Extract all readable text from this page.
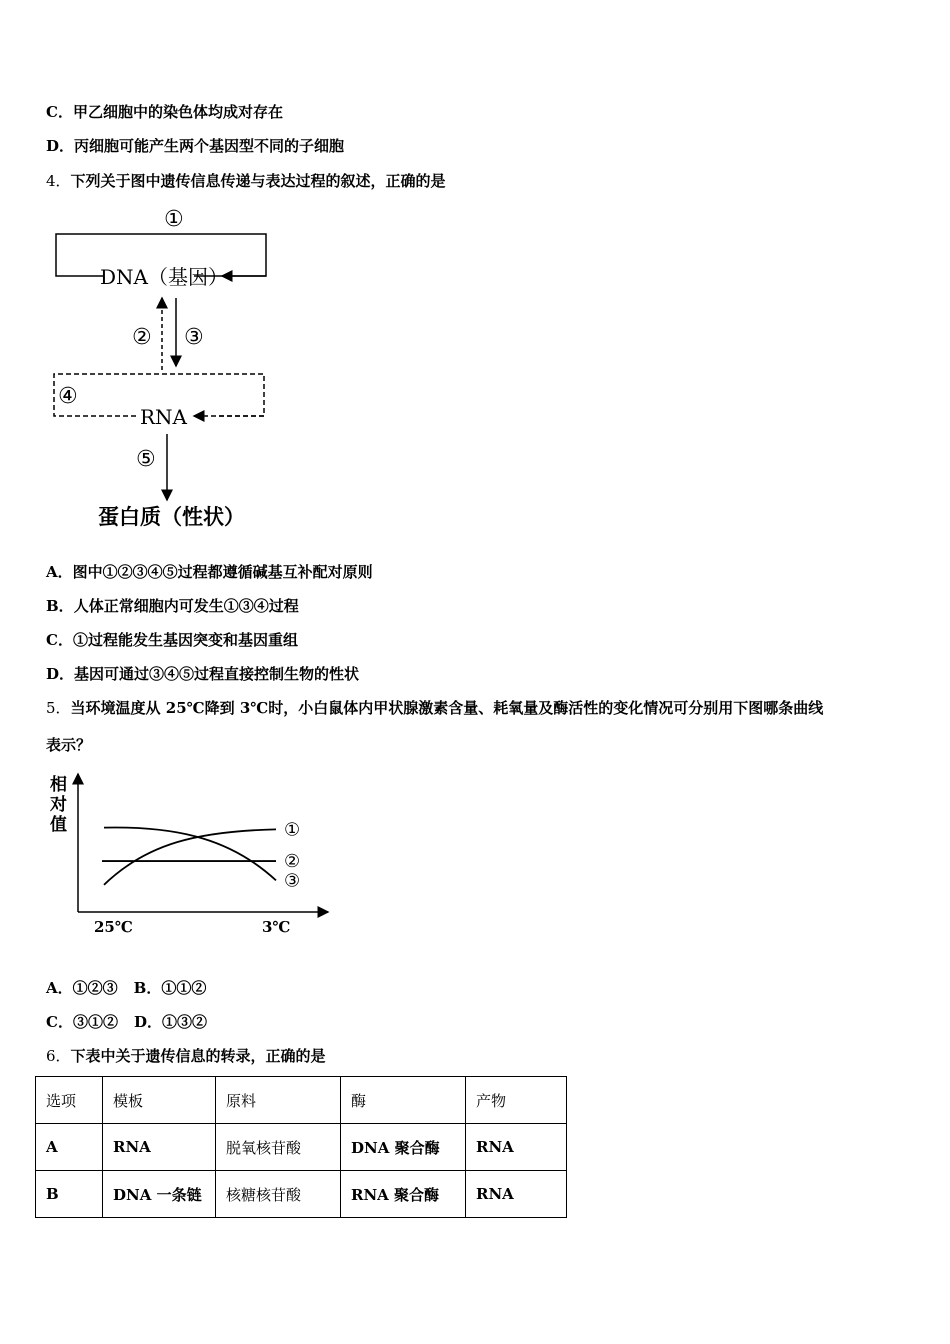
C．甲乙细胞中的染色体均成对存在
D．丙细胞可能产生两个基因型不同的子细胞
4．下列关于图中遗传信息传递与表达过程的叙述，正确的是
①
DNA（基因）
② ③
④
RNA
⑤
蛋白质（性状）
A．图中①②③④⑤过程都遵循碱基互补配对原则
B．人体正常细胞内可发生①③④过程
C．①过程能发生基因突变和基因重组
D．基因可通过③④⑤过程直接控制生物的性状
5．当环境温度从 25℃降到 3℃时，小白鼠体内甲状腺激素含量、耗氧量及酶活性的变化情况可分别用下图哪条曲线
表示？
相
对
值	①
②
③
25℃	3℃
A．①②③ B．①①②
C．③①② D．①③②
6．下表中关于遗传信息的转录，正确的是
选项	模板	原料	酶	产物
A	RNA	脱氧核苷酸	DNA 聚合酶	RNA
B	DNA 一条链	核糖核苷酸	RNA 聚合酶	RNA
